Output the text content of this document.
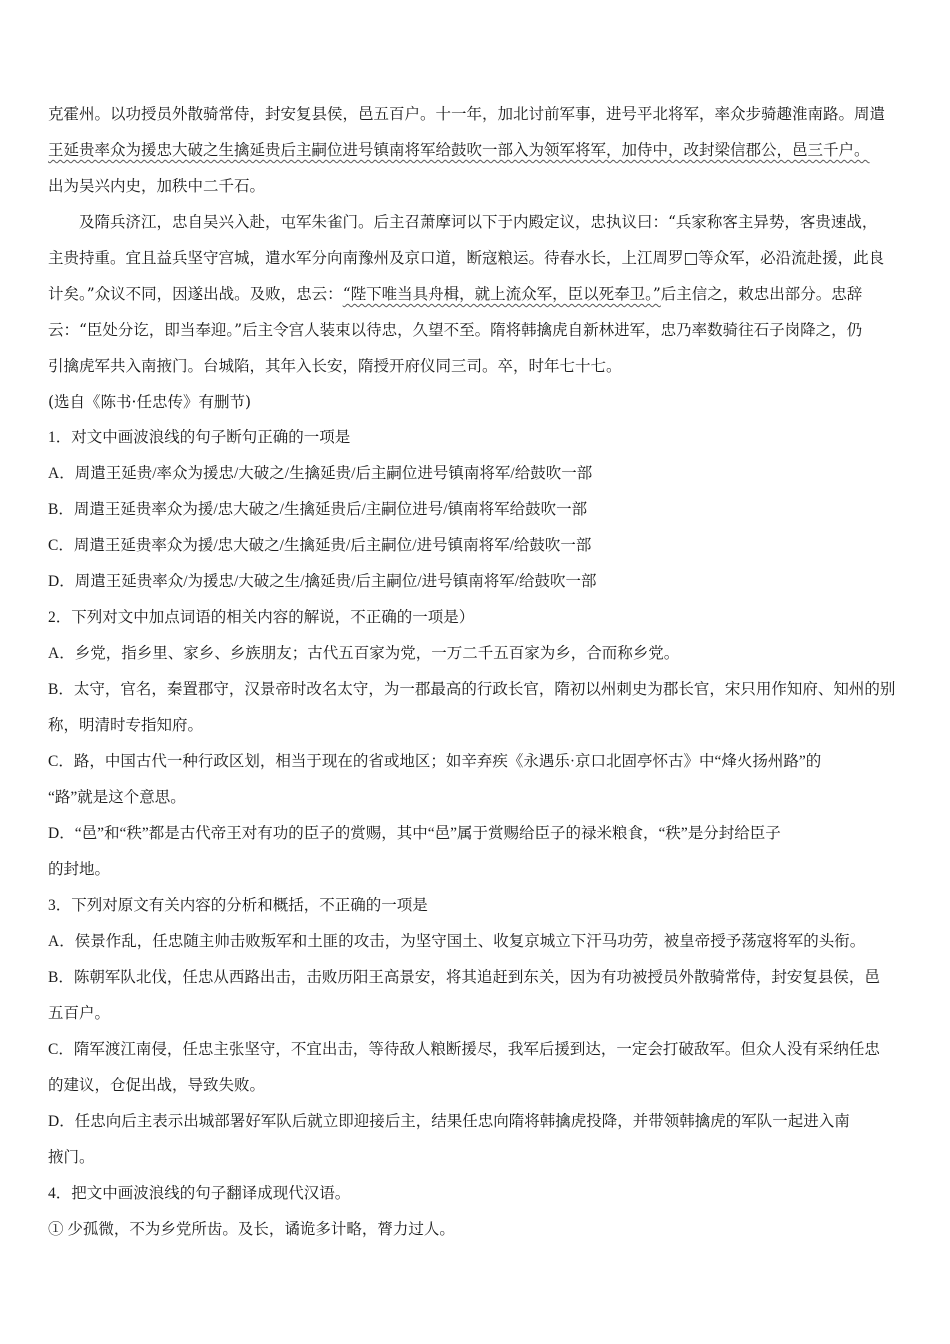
克霍州。以功授员外散骑常侍，封安复县侯，邑五百户。十一年，加北讨前军事，进号平北将军，率众步骑趣淮南路。周遣
王延贵率众为援忠大破之生擒延贵后主嗣位进号镇南将军给鼓吹一部入为领军将军，加侍中，改封梁信郡公，邑三千户。
出为吴兴内史，加秩中二千石。
及隋兵济江，忠自吴兴入赴，屯军朱雀门。后主召萧摩诃以下于内殿定议，忠执议曰：“兵家称客主异势，客贵速战，
主贵持重。宜且益兵坚守宫城，遣水军分向南豫州及京口道，断寇粮运。待春水长，上江周罗□等众军，必沿流赴援，此良
计矣。”众议不同，因遂出战。及败，忠云：“陛下唯当具舟楫，就上流众军，臣以死奉卫。”后主信之，敕忠出部分。忠辞
云：“臣处分讫，即当奉迎。”后主令宫人装束以待忠，久望不至。隋将韩擒虎自新林进军，忠乃率数骑往石子岗降之，仍
引擒虎军共入南掖门。台城陷，其年入长安，隋授开府仪同三司。卒，时年七十七。
(选自《陈书·任忠传》有删节)
1．对文中画波浪线的句子断句正确的一项是
A．周遣王延贵/率众为援忠/大破之/生擒延贵/后主嗣位进号镇南将军/给鼓吹一部
B．周遣王延贵率众为援/忠大破之/生擒延贵后/主嗣位进号/镇南将军给鼓吹一部
C．周遣王延贵率众为援/忠大破之/生擒延贵/后主嗣位/进号镇南将军/给鼓吹一部
D．周遣王延贵率众/为援忠/大破之生/擒延贵/后主嗣位/进号镇南将军/给鼓吹一部
2．下列对文中加点词语的相关内容的解说，不正确的一项是）
A．乡党，指乡里、家乡、乡族朋友；古代五百家为党，一万二千五百家为乡，合而称乡党。
B．太守，官名，秦置郡守，汉景帝时改名太守，为一郡最高的行政长官，隋初以州刺史为郡长官，宋只用作知府、知州的别
称，明清时专指知府。
C．路，中国古代一种行政区划，相当于现在的省或地区；如辛弃疾《永遇乐·京口北固亭怀古》中“烽火扬州路”的
“路”就是这个意思。
D．“邑”和“秩”都是古代帝王对有功的臣子的赏赐，其中“邑”属于赏赐给臣子的禄米粮食，“秩”是分封给臣子
的封地。
3．下列对原文有关内容的分析和概括，不正确的一项是
A．侯景作乱，任忠随主帅击败叛军和土匪的攻击，为坚守国土、收复京城立下汗马功劳，被皇帝授予荡寇将军的头衔。
B．陈朝军队北伐，任忠从西路出击，击败历阳王高景安，将其追赶到东关，因为有功被授员外散骑常侍，封安复县侯，邑
五百户。
C．隋军渡江南侵，任忠主张坚守，不宜出击，等待敌人粮断援尽，我军后援到达，一定会打破敌军。但众人没有采纳任忠
的建议，仓促出战，导致失败。
D．任忠向后主表示出城部署好军队后就立即迎接后主，结果任忠向隋将韩擒虎投降，并带领韩擒虎的军队一起进入南
掖门。
4．把文中画波浪线的句子翻译成现代汉语。
① 少孤微，不为乡党所齿。及长，谲诡多计略，膂力过人。
